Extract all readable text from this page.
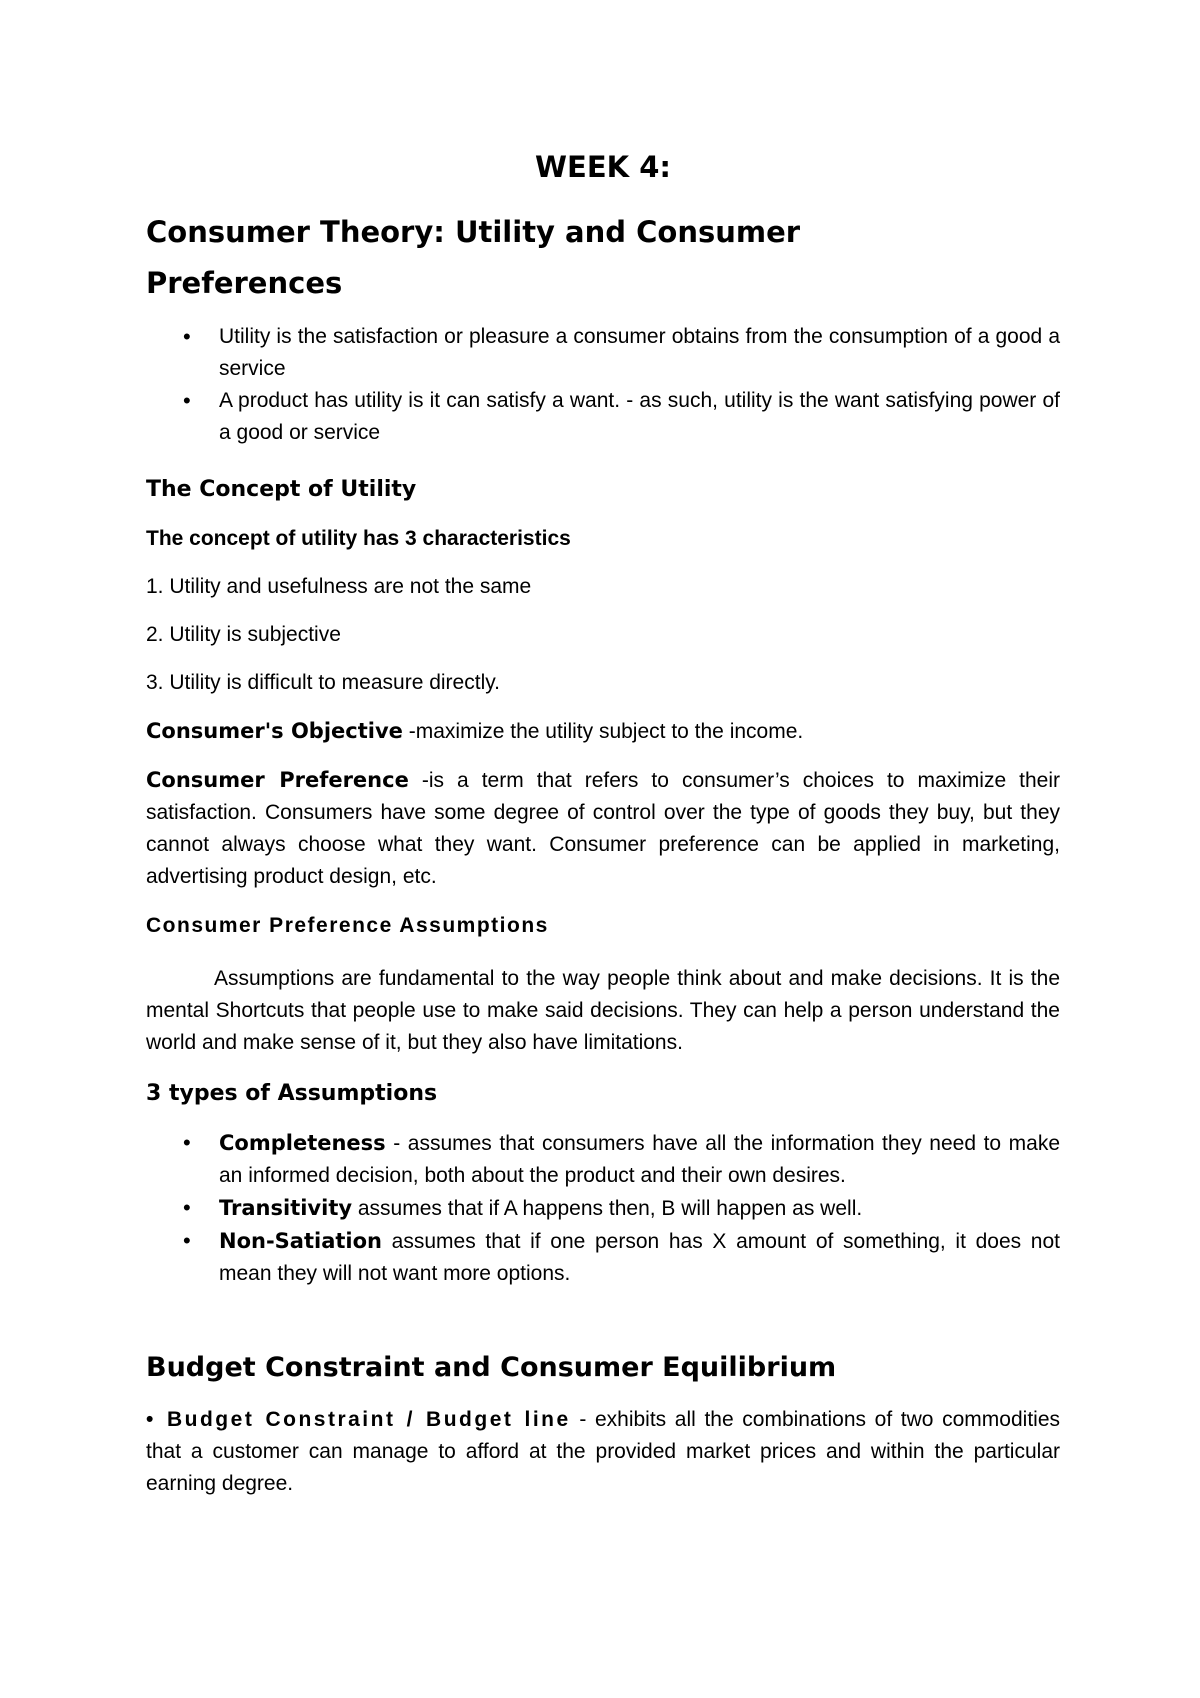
WEEK 4:
Consumer Theory: Utility and Consumer Preferences
• Utility is the satisfaction or pleasure a consumer obtains from the consumption of a good a service
• A product has utility is it can satisfy a want. - as such, utility is the want satisfying power of a good or service
The Concept of Utility

The concept of utility has 3 characteristics

1. Utility and usefulness are not the same

2. Utility is subjective

3. Utility is difficult to measure directly.

Consumer's Objective -maximize the utility subject to the income.

Consumer Preference -is a term that refers to consumer’s choices to maximize their satisfaction. Consumers have some degree of control over the type of goods they buy, but they cannot always choose what they want. Consumer preference can be applied in marketing, advertising product design, etc.

Consumer Preference Assumptions

Assumptions are fundamental to the way people think about and make decisions. It is the mental Shortcuts that people use to make said decisions. They can help a person understand the world and make sense of it, but they also have limitations.

3 types of Assumptions
• Completeness - assumes that consumers have all the information they need to make an informed decision, both about the product and their own desires.
• Transitivity assumes that if A happens then, B will happen as well.
• Non-Satiation assumes that if one person has X amount of something, it does not mean they will not want more options.
Budget Constraint and Consumer Equilibrium

• Budget Constraint / Budget line - exhibits all the combinations of two commodities that a customer can manage to afford at the provided market prices and within the particular earning degree.
